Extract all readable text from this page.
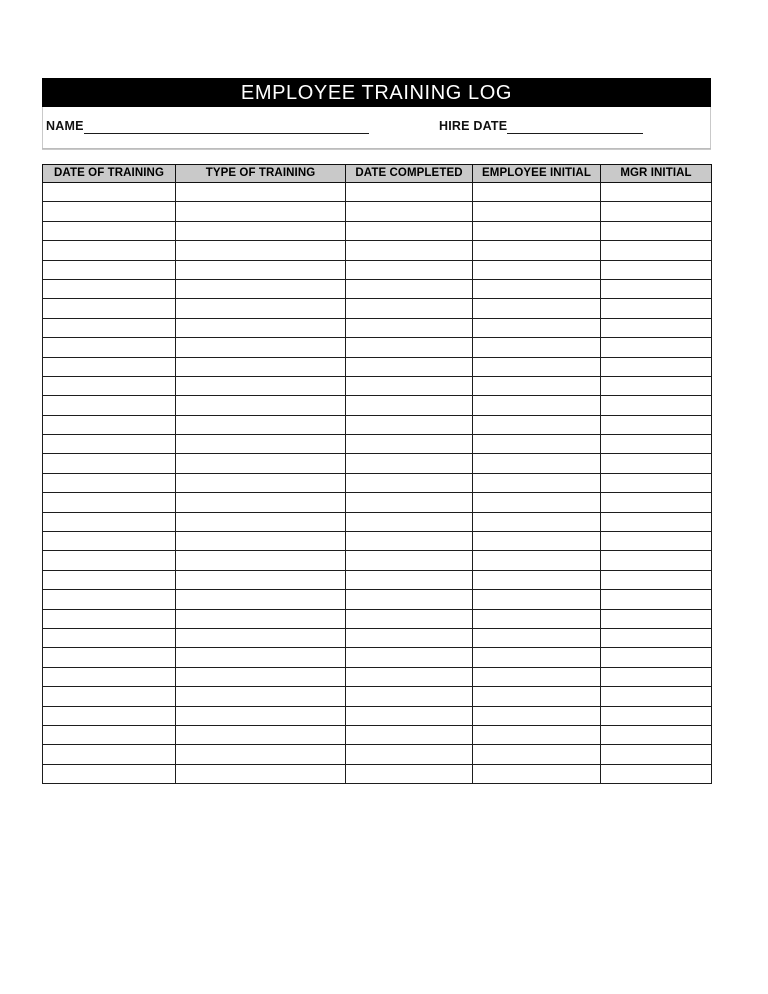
EMPLOYEE TRAINING LOG
NAME	HIRE DATE
DATE OF TRAINING	TYPE OF TRAINING	DATE COMPLETED	EMPLOYEE INITIAL	MGR INITIAL
